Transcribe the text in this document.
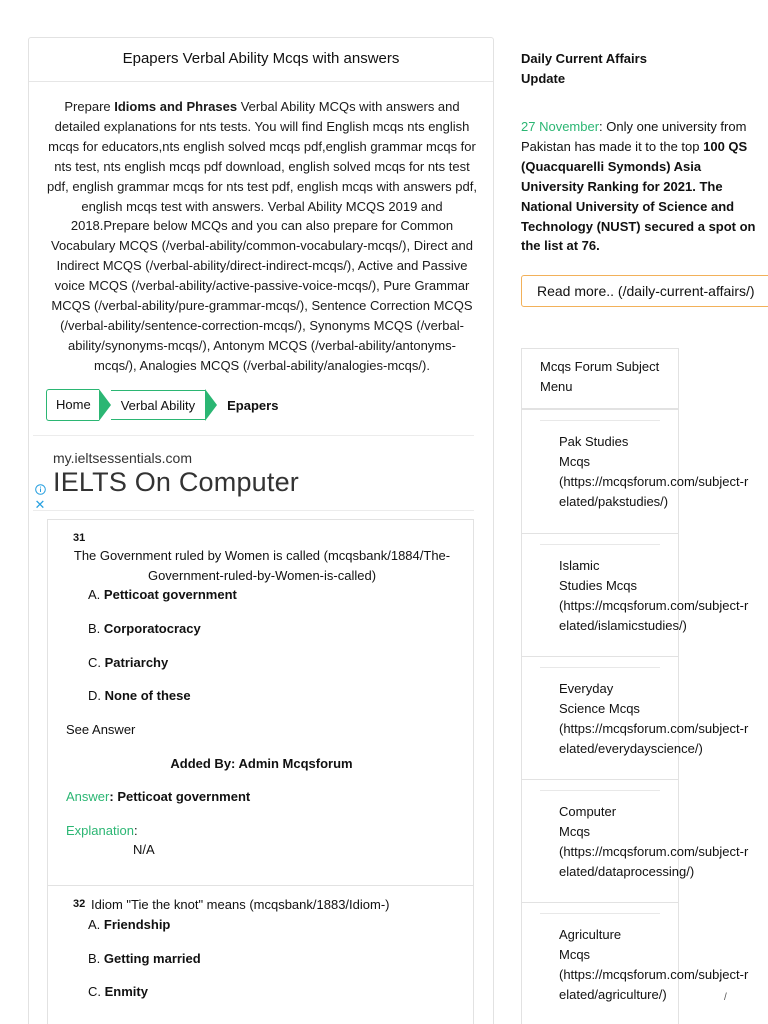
Epapers Verbal Ability Mcqs with answers

Prepare Idioms and Phrases Verbal Ability MCQs with answers and detailed explanations for nts tests. You will find English mcqs nts english mcqs for educators,nts english solved mcqs pdf,english grammar mcqs for nts test, nts english mcqs pdf download, english solved mcqs for nts test pdf, english grammar mcqs for nts test pdf, english mcqs with answers pdf, english mcqs test with answers. Verbal Ability MCQS 2019 and 2018.Prepare below MCQs and you can also prepare for Common Vocabulary MCQS (/verbal-ability/common-vocabulary-mcqs/), Direct and Indirect MCQS (/verbal-ability/direct-indirect-mcqs/), Active and Passive voice MCQS (/verbal-ability/active-passive-voice-mcqs/), Pure Grammar MCQS (/verbal-ability/pure-grammar-mcqs/), Sentence Correction MCQS (/verbal-ability/sentence-correction-mcqs/), Synonyms MCQS (/verbal-ability/synonyms-mcqs/), Antonym MCQS (/verbal-ability/antonyms-mcqs/), Analogies MCQS (/verbal-ability/analogies-mcqs/).

Home	Verbal Ability	Epapers
my.ieltsessentials.com
IELTS On Computer
✕
31
The Government ruled by Women is called (mcqsbank/1884/The-Government-ruled-by-Women-is-called)
A. Petticoat government
B. Corporatocracy
C. Patriarchy
D. None of these
See Answer
Added By: Admin Mcqsforum
Answer: Petticoat government
Explanation:
N/A
32 Idiom "Tie the knot" means (mcqsbank/1883/Idiom-)
A. Friendship
B. Getting married
C. Enmity
Daily Current Affairs Update

27 November: Only one university from Pakistan has made it to the top 100 QS (Quacquarelli Symonds) Asia University Ranking for 2021. The National University of Science and Technology (NUST) secured a spot on the list at 76.

Read more.. (/daily-current-affairs/)
Mcqs Forum Subject Menu
Pak Studies Mcqs
(https://mcqsforum.com/subject-related/pakstudies/)
Islamic Studies Mcqs
(https://mcqsforum.com/subject-related/islamicstudies/)
Everyday Science Mcqs
(https://mcqsforum.com/subject-related/everydayscience/)
Computer Mcqs
(https://mcqsforum.com/subject-related/dataprocessing/)
Agriculture Mcqs
(https://mcqsforum.com/subject-related/agriculture/)	/
